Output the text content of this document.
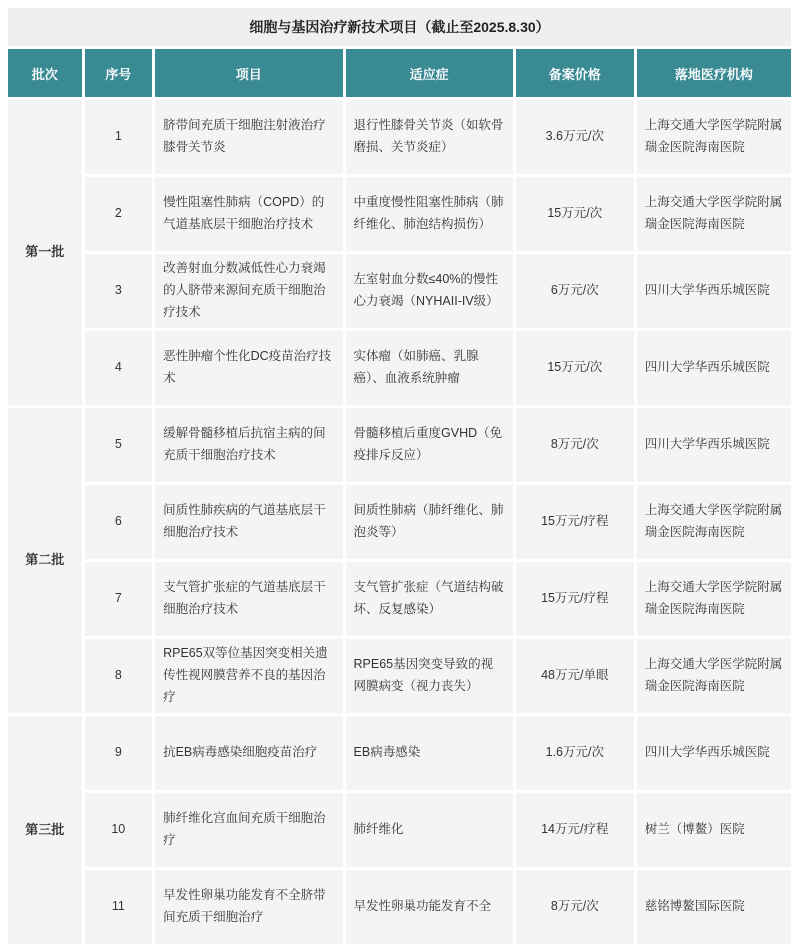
细胞与基因治疗新技术项目（截止至2025.8.30）					
批次	序号	项目	适应症	备案价格	落地医疗机构
第一批	1	脐带间充质干细胞注射液治疗膝骨关节炎	退行性膝骨关节炎（如软骨磨损、关节炎症）	3.6万元/次	上海交通大学医学院附属瑞金医院海南医院
	2	慢性阻塞性肺病（COPD）的气道基底层干细胞治疗技术	中重度慢性阻塞性肺病（肺纤维化、肺泡结构损伤）	15万元/次	上海交通大学医学院附属瑞金医院海南医院
	3	改善射血分数减低性心力衰竭的人脐带来源间充质干细胞治疗技术	左室射血分数≤40%的慢性心力衰竭（NYHAII-IV级）	6万元/次	四川大学华西乐城医院
	4	恶性肿瘤个性化DC疫苗治疗技术	实体瘤（如肺癌、乳腺癌）、血液系统肿瘤	15万元/次	四川大学华西乐城医院
第二批	5	缓解骨髓移植后抗宿主病的间充质干细胞治疗技术	骨髓移植后重度GVHD（免疫排斥反应）	8万元/次	四川大学华西乐城医院
	6	间质性肺疾病的气道基底层干细胞治疗技术	间质性肺病（肺纤维化、肺泡炎等）	15万元/疗程	上海交通大学医学院附属瑞金医院海南医院
	7	支气管扩张症的气道基底层干细胞治疗技术	支气管扩张症（气道结构破坏、反复感染）	15万元/疗程	上海交通大学医学院附属瑞金医院海南医院
	8	RPE65双等位基因突变相关遗传性视网膜营养不良的基因治疗	RPE65基因突变导致的视网膜病变（视力丧失）	48万元/单眼	上海交通大学医学院附属瑞金医院海南医院
第三批	9	抗EB病毒感染细胞疫苗治疗	EB病毒感染	1.6万元/次	四川大学华西乐城医院
	10	肺纤维化宫血间充质干细胞治疗	肺纤维化	14万元/疗程	树兰（博鳌）医院
	11	早发性卵巢功能发育不全脐带间充质干细胞治疗	早发性卵巢功能发育不全	8万元/次	慈铭博鳌国际医院
